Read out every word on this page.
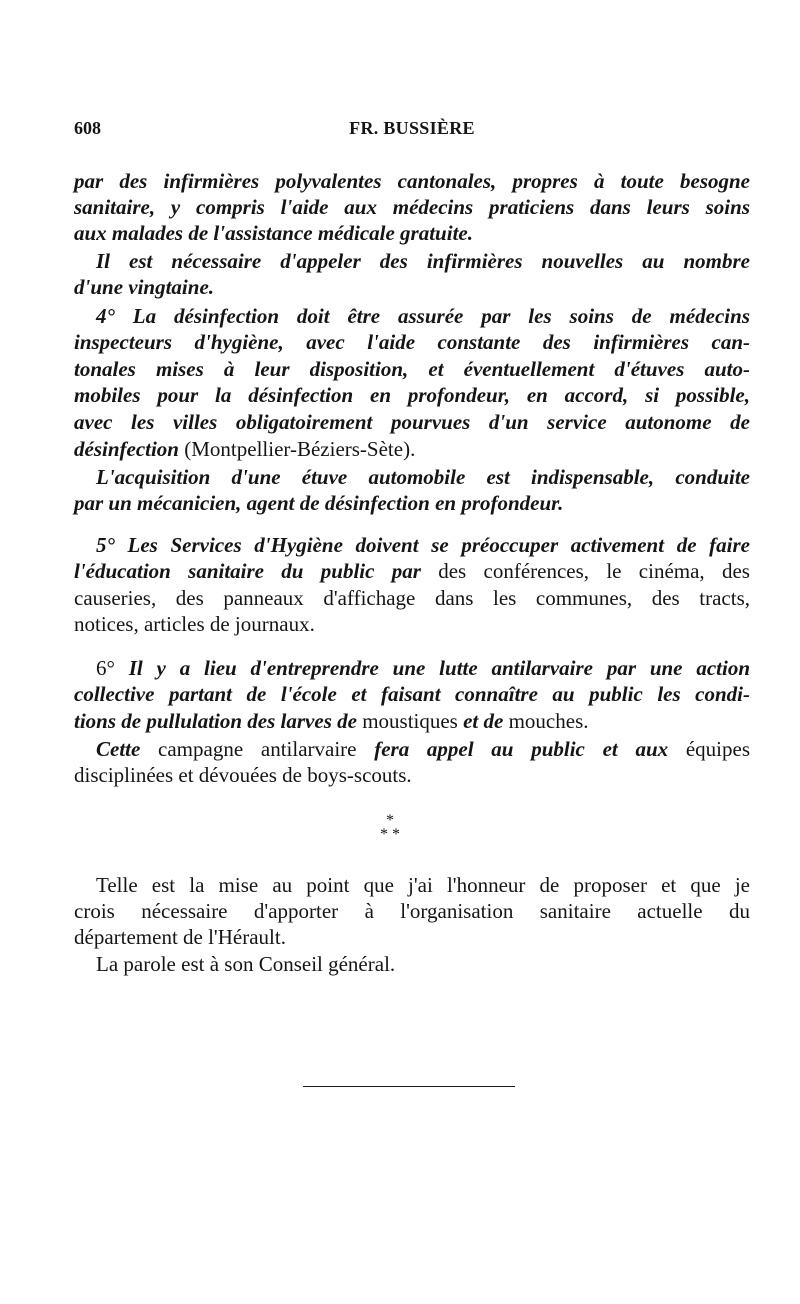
608	FR. BUSSIÈRE
par des infirmières polyvalentes cantonales, propres à toute besogne
sanitaire, y compris l'aide aux médecins praticiens dans leurs soins
aux malades de l'assistance médicale gratuite.
Il est nécessaire d'appeler des infirmières nouvelles au nombre
d'une vingtaine.
4° La désinfection doit être assurée par les soins de médecins
inspecteurs d'hygiène, avec l'aide constante des infirmières can-
tonales mises à leur disposition, et éventuellement d'étuves auto-
mobiles pour la désinfection en profondeur, en accord, si possible,
avec les villes obligatoirement pourvues d'un service autonome de
désinfection (Montpellier-Béziers-Sète).
L'acquisition d'une étuve automobile est indispensable, conduite
par un mécanicien, agent de désinfection en profondeur.
5° Les Services d'Hygiène doivent se préoccuper activement de faire
l'éducation sanitaire du public par des conférences, le cinéma, des
causeries, des panneaux d'affichage dans les communes, des tracts,
notices, articles de journaux.
6° Il y a lieu d'entreprendre une lutte antilarvaire par une action
collective partant de l'école et faisant connaître au public les condi-
tions de pullulation des larves de moustiques et de mouches.
Cette campagne antilarvaire fera appel au public et aux équipes
disciplinées et dévouées de boys-scouts.
*
* *
Telle est la mise au point que j'ai l'honneur de proposer et que je
crois nécessaire d'apporter à l'organisation sanitaire actuelle du
département de l'Hérault.
La parole est à son Conseil général.
